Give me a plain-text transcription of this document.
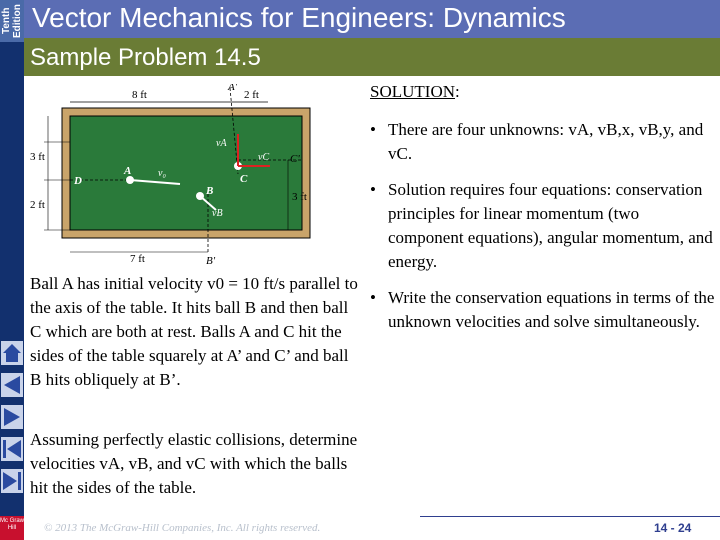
Tenth Edition Vector Mechanics for Engineers: Dynamics
Sample Problem 14.5
Mc Graw Hill
8 ft	2 ft
A'
3 ft
2 ft
3 ft
7 ft	B'
C'
D
A
B
C
v₀
vA
vC
vB
SOLUTION:
• There are four unknowns: vA, vB,x, vB,y, and vC.
• Solution requires four equations: conservation principles for linear momentum (two component equations), angular momentum, and energy.
• Write the conservation equations in terms of the unknown velocities and solve simultaneously.
Ball A has initial velocity v0 = 10 ft/s parallel to the axis of the table. It hits ball B and then ball C which are both at rest. Balls A and C hit the sides of the table squarely at A’ and C’ and ball B hits obliquely at B’.
Assuming perfectly elastic collisions, determine velocities vA, vB, and vC with which the balls hit the sides of the table.
© 2013 The McGraw-Hill Companies, Inc. All rights reserved.	14 - 24
